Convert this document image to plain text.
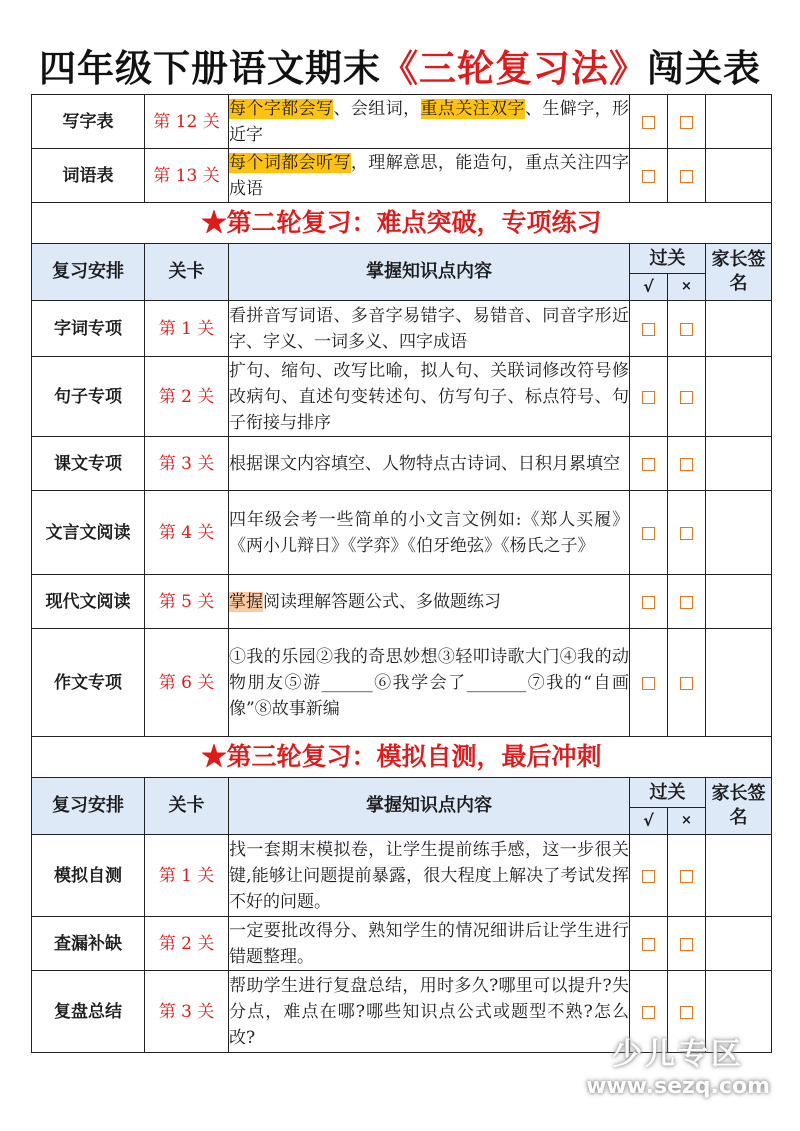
四年级下册语文期末《三轮复习法》闯关表
写字表	第 12 关	每个字都会写、会组词，重点关注双字、生僻字，形近字			
词语表	第 13 关	每个词都会听写，理解意思，能造句，重点关注四字成语			
★第二轮复习：难点突破，专项练习					
复习安排	关卡	掌握知识点内容	过关		家长签名
			√	×	
字词专项	第 1 关	看拼音写词语、多音字易错字、易错音、同音字形近字、字义、一词多义、四字成语			
句子专项	第 2 关	扩句、缩句、改写比喻，拟人句、关联词修改符号修改病句、直述句变转述句、仿写句子、标点符号、句子衔接与排序			
课文专项	第 3 关	根据课文内容填空、人物特点古诗词、日积月累填空			
文言文阅读	第 4 关	四年级会考一些简单的小文言文例如:《郑人买履》《两小儿辩日》《学弈》《伯牙绝弦》《杨氏之子》			
现代文阅读	第 5 关	掌握阅读理解答题公式、多做题练习			
作文专项	第 6 关	①我的乐园②我的奇思妙想③轻叩诗歌大门④我的动物朋友⑤游______⑥我学会了_______⑦我的“自画像”⑧故事新编			
★第三轮复习：模拟自测，最后冲刺					
复习安排	关卡	掌握知识点内容	过关		家长签名
			√	×	
模拟自测	第 1 关	找一套期末模拟卷，让学生提前练手感，这一步很关键,能够让问题提前暴露，很大程度上解决了考试发挥不好的问题。			
查漏补缺	第 2 关	一定要批改得分、熟知学生的情况细讲后让学生进行错题整理。			
复盘总结	第 3 关	帮助学生进行复盘总结，用时多久?哪里可以提升?失分点，难点在哪?哪些知识点公式或题型不熟?怎么改?				少儿专区
www.sezq.com
